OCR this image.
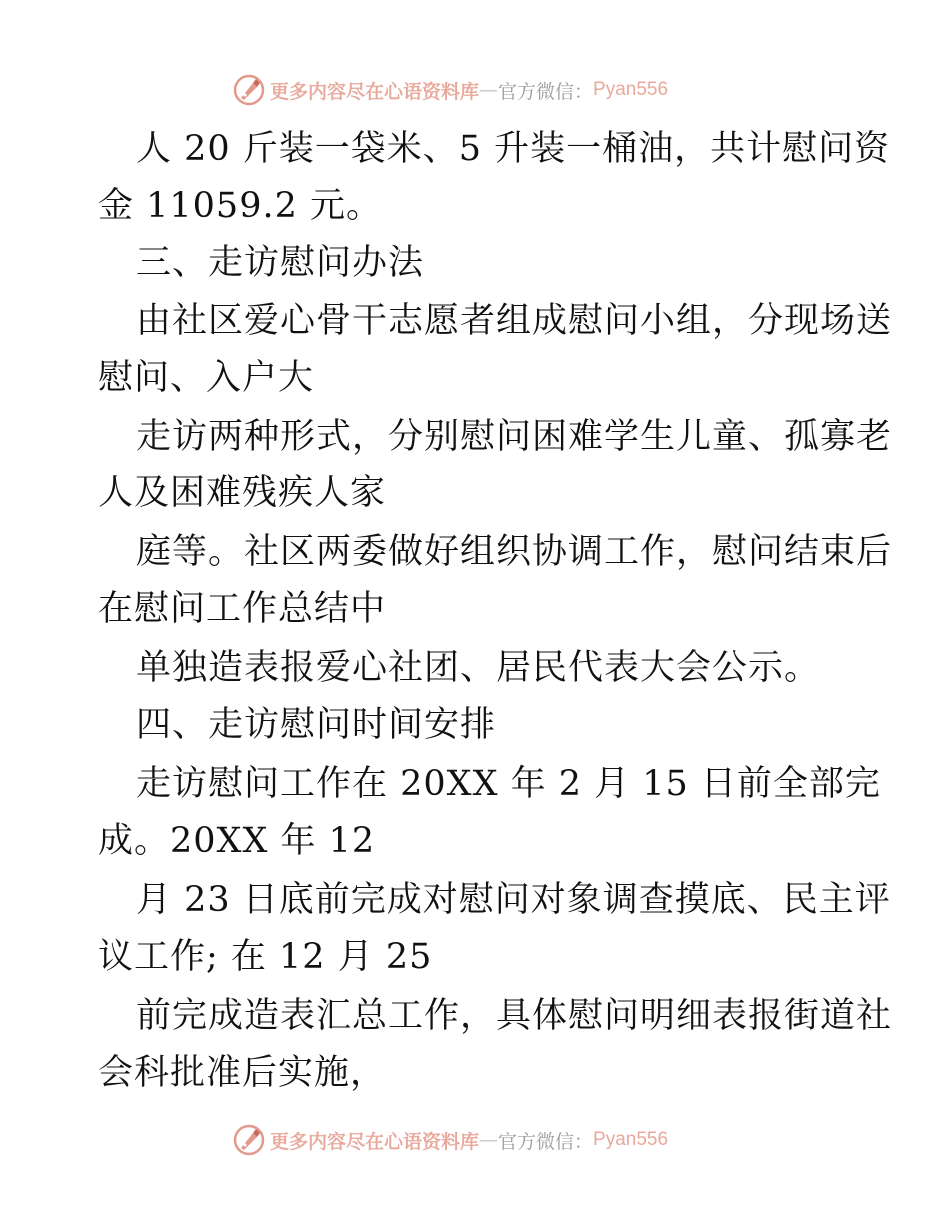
更多内容尽在心语资料库 — 官方微信： Pyan556
人 20 斤装一袋米、5 升装一桶油，共计慰问资
金 11059.2 元。
三、走访慰问办法
由社区爱心骨干志愿者组成慰问小组，分现场送
慰问、入户大
走访两种形式，分别慰问困难学生儿童、孤寡老
人及困难残疾人家
庭等。社区两委做好组织协调工作，慰问结束后
在慰问工作总结中
单独造表报爱心社团、居民代表大会公示。
四、走访慰问时间安排
走访慰问工作在 20XX 年 2 月 15 日前全部完
成。20XX 年 12
月 23 日底前完成对慰问对象调查摸底、民主评
议工作; 在 12 月 25
前完成造表汇总工作，具体慰问明细表报街道社
会科批准后实施，
更多内容尽在心语资料库 — 官方微信： Pyan556
